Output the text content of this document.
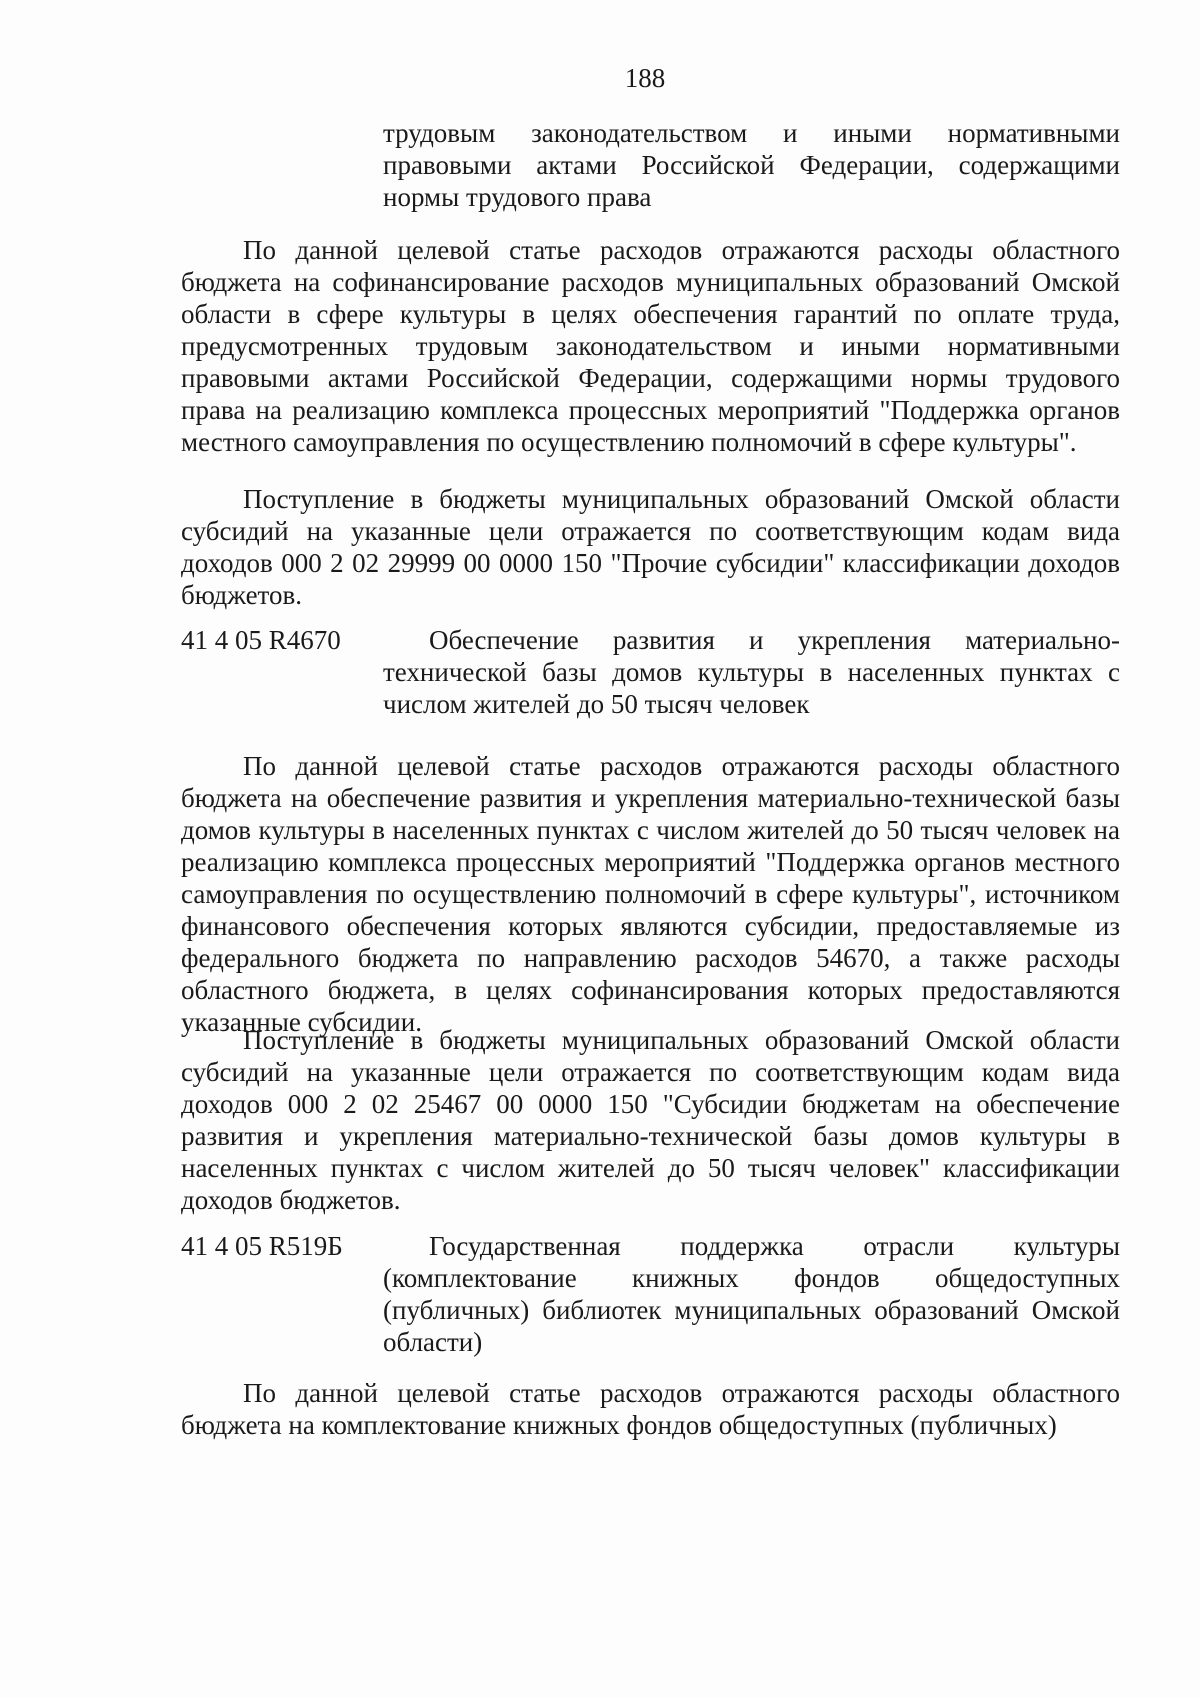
188
трудовым законодательством и иными нормативными правовыми актами Российской Федерации, содержащими нормы трудового права
По данной целевой статье расходов отражаются расходы областного бюджета на софинансирование расходов муниципальных образований Омской области в сфере культуры в целях обеспечения гарантий по оплате труда, предусмотренных трудовым законодательством и иными нормативными правовыми актами Российской Федерации, содержащими нормы трудового права на реализацию комплекса процессных мероприятий "Поддержка органов местного самоуправления по осуществлению полномочий в сфере культуры".
Поступление в бюджеты муниципальных образований Омской области субсидий на указанные цели отражается по соответствующим кодам вида доходов 000 2 02 29999 00 0000 150 "Прочие субсидии" классификации доходов бюджетов.
41 4 05 R4670	Обеспечение развития и укрепления материально-технической базы домов культуры в населенных пунктах с числом жителей до 50 тысяч человек
По данной целевой статье расходов отражаются расходы областного бюджета на обеспечение развития и укрепления материально-технической базы домов культуры в населенных пунктах с числом жителей до 50 тысяч человек на реализацию комплекса процессных мероприятий "Поддержка органов местного самоуправления по осуществлению полномочий в сфере культуры", источником финансового обеспечения которых являются субсидии, предоставляемые из федерального бюджета по направлению расходов 54670, а также расходы областного бюджета, в целях софинансирования которых предоставляются указанные субсидии.
Поступление в бюджеты муниципальных образований Омской области субсидий на указанные цели отражается по соответствующим кодам вида доходов 000 2 02 25467 00 0000 150 "Субсидии бюджетам на обеспечение развития и укрепления материально-технической базы домов культуры в населенных пунктах с числом жителей до 50 тысяч человек" классификации доходов бюджетов.
41 4 05 R519Б	Государственная поддержка отрасли культуры (комплектование книжных фондов общедоступных (публичных) библиотек муниципальных образований Омской области)
По данной целевой статье расходов отражаются расходы областного бюджета на комплектование книжных фондов общедоступных (публичных)
